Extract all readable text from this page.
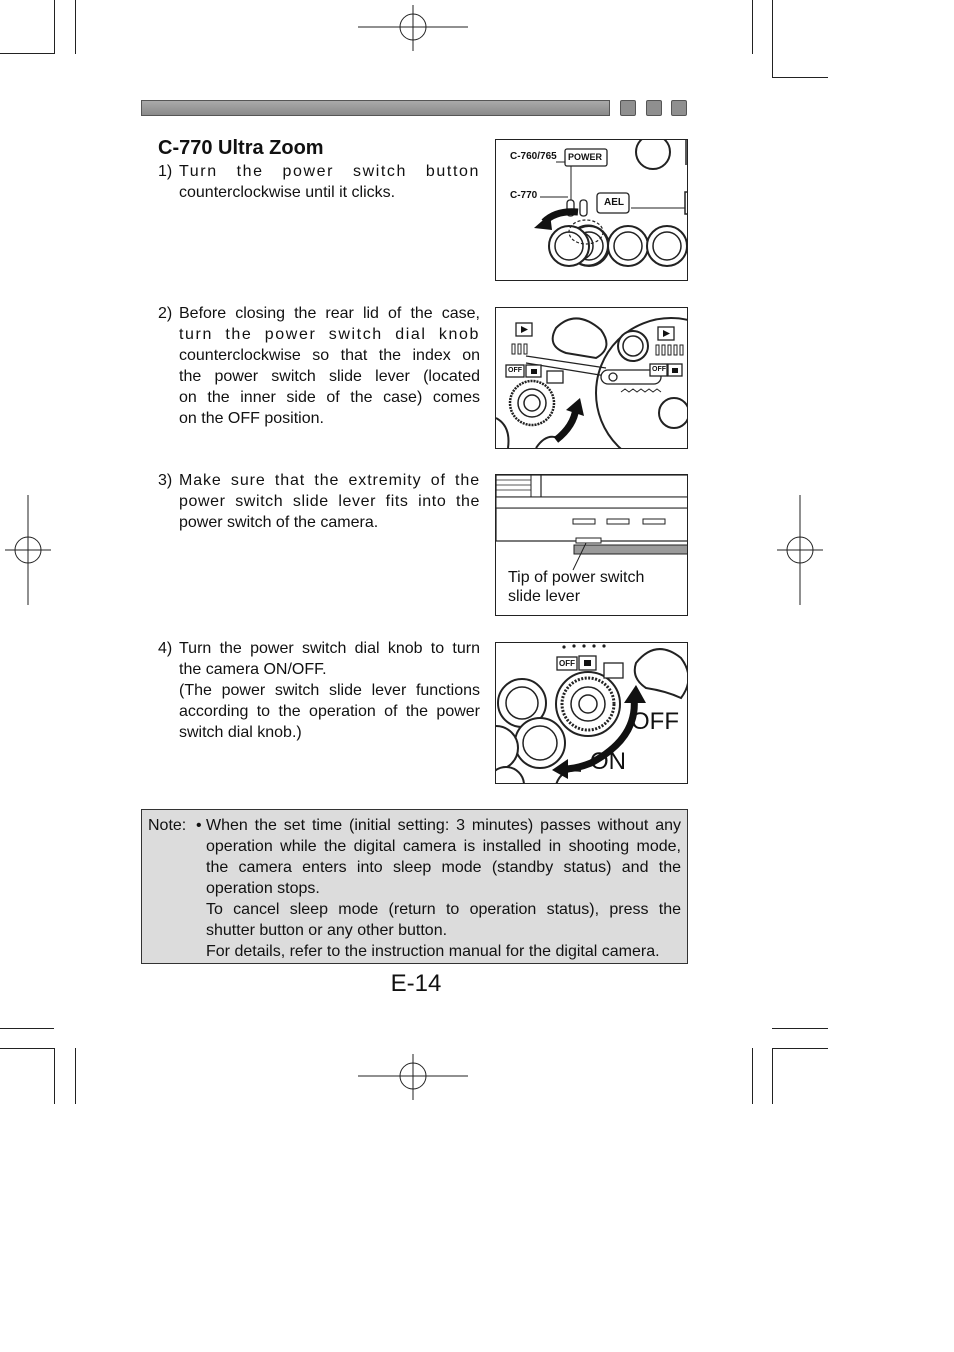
C-770 Ultra Zoom
1) Turn the power switch button
counterclockwise until it clicks.
2) Before closing the rear lid of the case,
turn the power switch dial knob
counterclockwise so that the index on
the power switch slide lever (located
on the inner side of the case) comes
on the OFF position.
3) Make sure that the extremity of the
power switch slide lever fits into the
power switch of the camera.
4) Turn the power switch dial knob to turn
the camera ON/OFF.
(The power switch slide lever functions
according to the operation of the power
switch dial knob.)
C-760/765 POWER
C-770
AEL
OFF	OFF
Tip of power switch
slide lever
OFF
OFF
ON
Note: • When the set time (initial setting: 3 minutes) passes without any
operation while the digital camera is installed in shooting mode,
the camera enters into sleep mode (standby status) and the
operation stops.
To cancel sleep mode (return to operation status), press the
shutter button or any other button.
For details, refer to the instruction manual for the digital camera.
E-14
